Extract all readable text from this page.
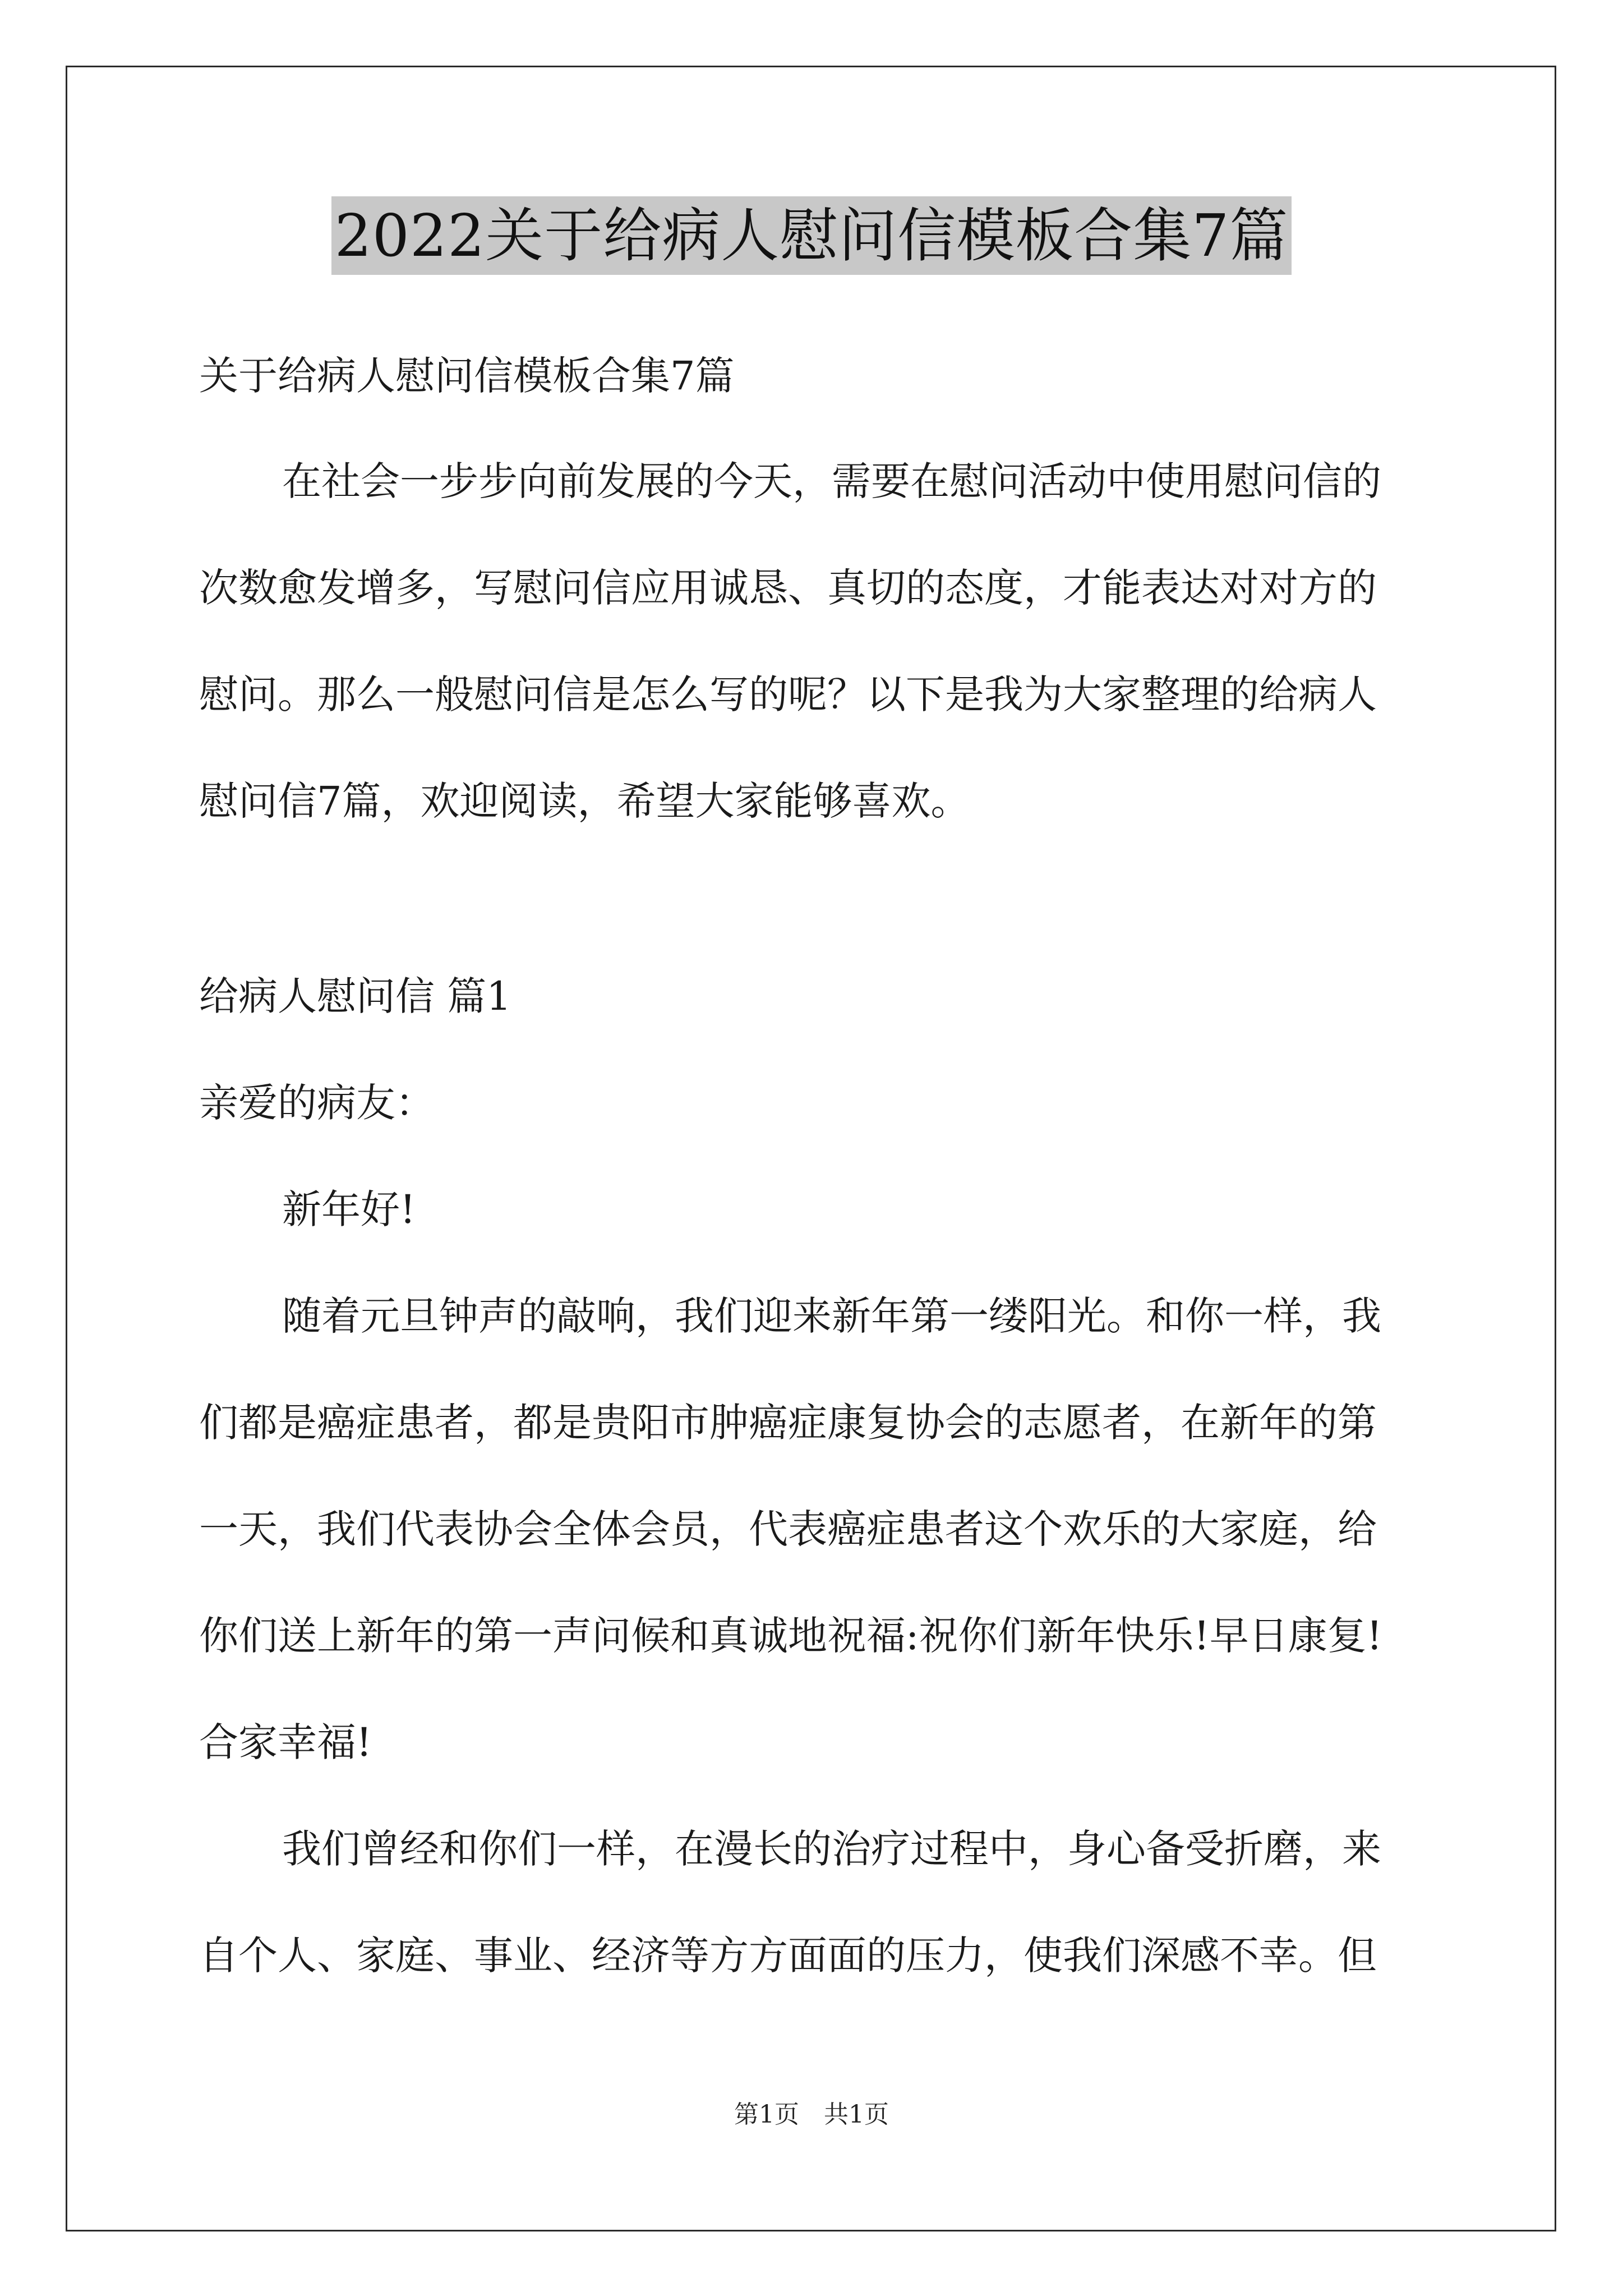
2022关于给病人慰问信模板合集7篇
关于给病人慰问信模板合集7篇
在社会一步步向前发展的今天，需要在慰问活动中使用慰问信的
次数愈发增多，写慰问信应用诚恳、真切的态度，才能表达对对方的
慰问。那么一般慰问信是怎么写的呢？以下是我为大家整理的给病人
慰问信7篇，欢迎阅读，希望大家能够喜欢。
给病人慰问信 篇1
亲爱的病友：
新年好!
随着元旦钟声的敲响，我们迎来新年第一缕阳光。和你一样，我
们都是癌症患者，都是贵阳市肿癌症康复协会的志愿者，在新年的第
一天，我们代表协会全体会员，代表癌症患者这个欢乐的大家庭，给
你们送上新年的第一声问候和真诚地祝福:祝你们新年快乐!早日康复!
合家幸福!
我们曾经和你们一样，在漫长的治疗过程中，身心备受折磨，来
自个人、家庭、事业、经济等方方面面的压力，使我们深感不幸。但
第1页 共1页
